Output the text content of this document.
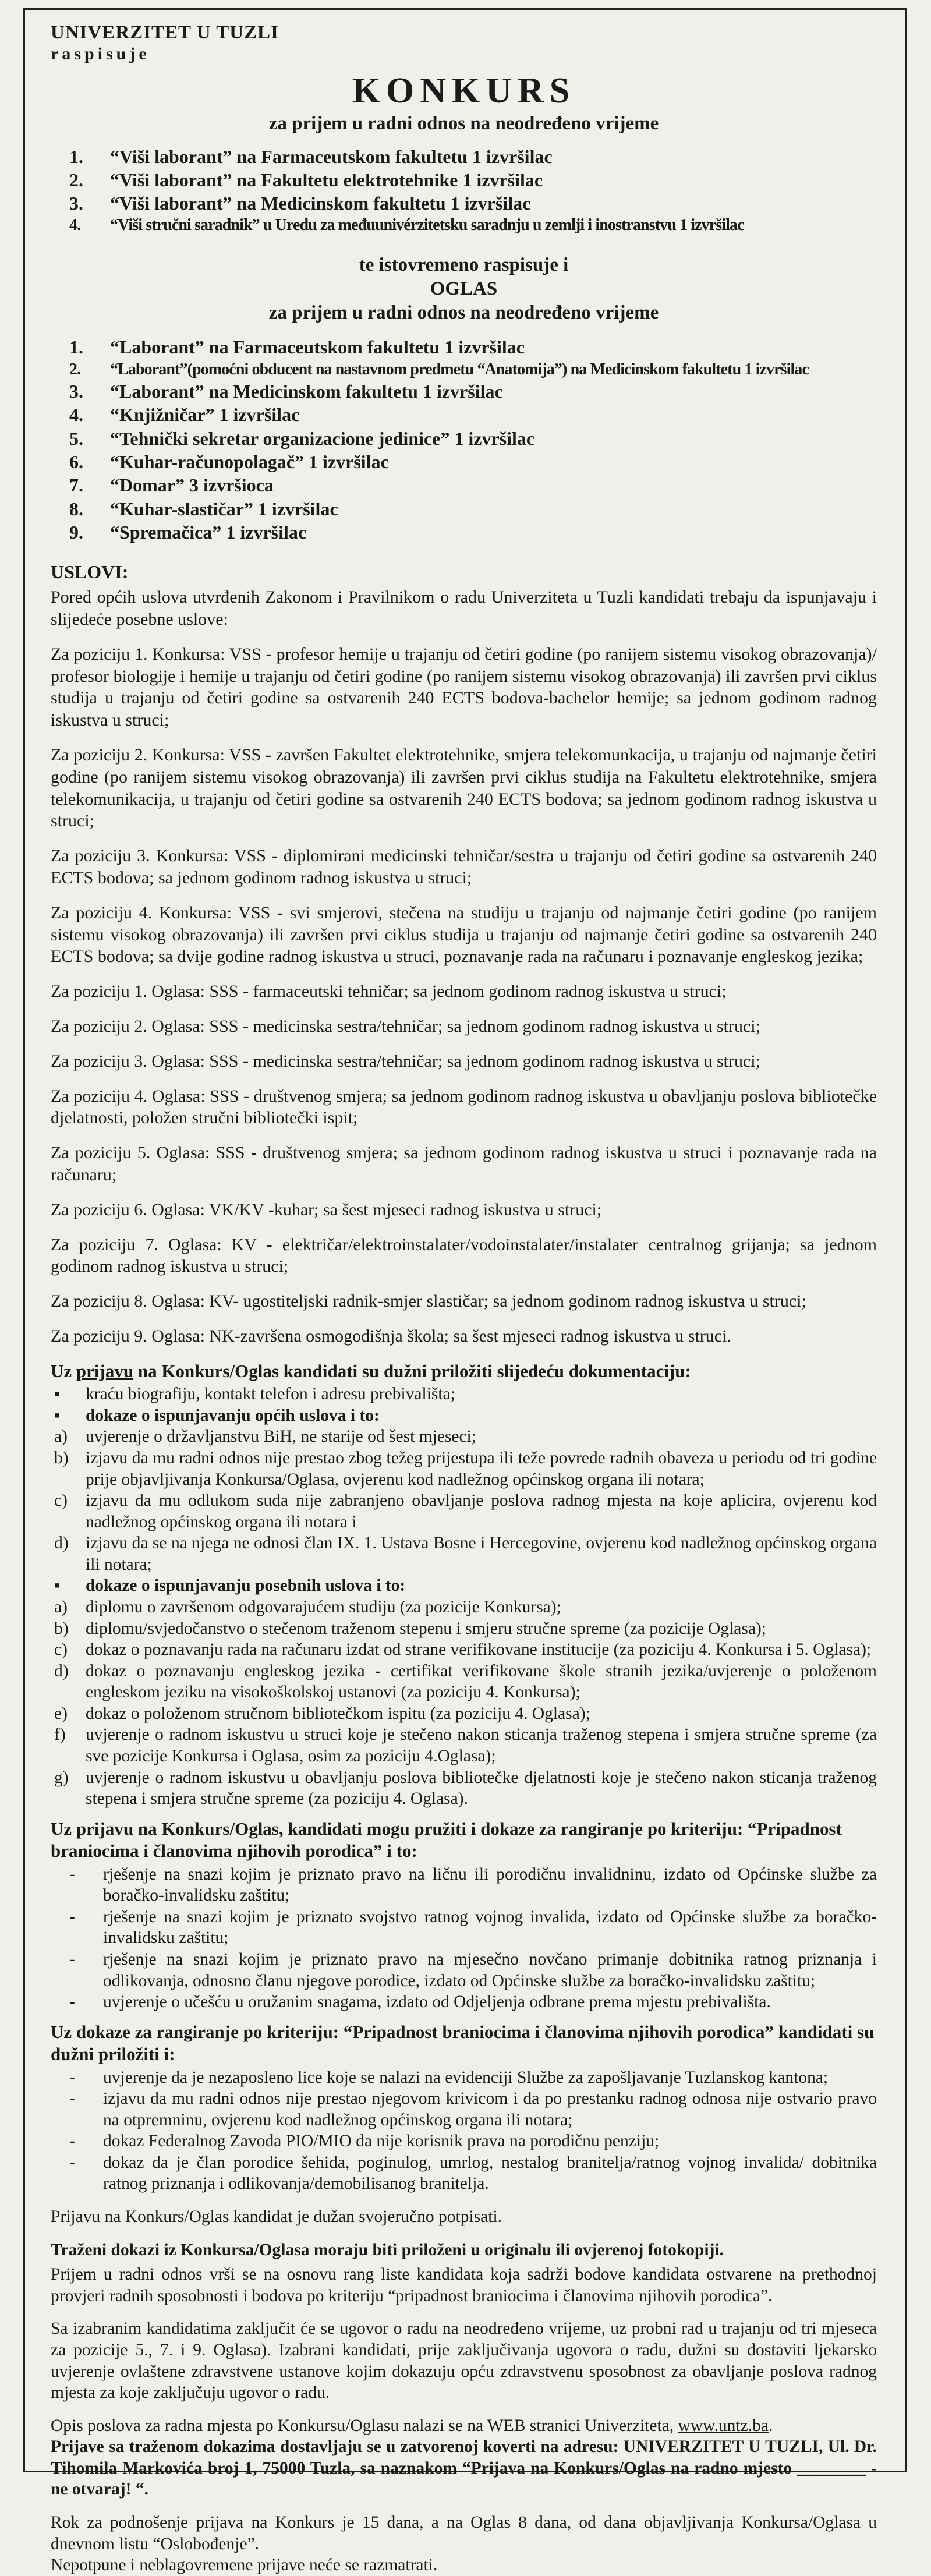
UNIVERZITET U TUZLI
raspisuje
KONKURS
za prijem u radni odnos na neodređeno vrijeme
1.	“Viši laborant” na Farmaceutskom fakultetu 1 izvršilac
2.	“Viši laborant” na Fakultetu elektrotehnike 1 izvršilac
3.	“Viši laborant” na Medicinskom fakultetu 1 izvršilac
4.	“Viši stručni saradnik” u Uredu za međuunivérzitetsku saradnju u zemlji i inostranstvu 1 izvršilac
te istovremeno raspisuje i
OGLAS
za prijem u radni odnos na neodređeno vrijeme
1.	“Laborant” na Farmaceutskom fakultetu 1 izvršilac
2.	“Laborant”(pomoćni obducent na nastavnom predmetu “Anatomija”) na Medicinskom fakultetu 1 izvršilac
3.	“Laborant” na Medicinskom fakultetu 1 izvršilac
4.	“Knjižničar” 1 izvršilac
5.	“Tehnički sekretar organizacione jedinice” 1 izvršilac
6.	“Kuhar-računopolagač” 1 izvršilac
7.	“Domar” 3 izvršioca
8.	“Kuhar-slastičar” 1 izvršilac
9.	“Spremačica” 1 izvršilac
USLOVI:

Pored općih uslova utvrđenih Zakonom i Pravilnikom o radu Univerziteta u Tuzli kandidati trebaju da ispunjavaju i slijedeće posebne uslove:

Za poziciju 1. Konkursa: VSS - profesor hemije u trajanju od četiri godine (po ranijem sistemu visokog obrazovanja)/ profesor biologije i hemije u trajanju od četiri godine (po ranijem sistemu visokog obrazovanja) ili završen prvi ciklus studija u trajanju od četiri godine sa ostvarenih 240 ECTS bodova-bachelor hemije; sa jednom godinom radnog iskustva u struci;

Za poziciju 2. Konkursa: VSS - završen Fakultet elektrotehnike, smjera telekomunkacija, u trajanju od najmanje četiri godine (po ranijem sistemu visokog obrazovanja) ili završen prvi ciklus studija na Fakultetu elektrotehnike, smjera telekomunikacija, u trajanju od četiri godine sa ostvarenih 240 ECTS bodova; sa jednom godinom radnog iskustva u struci;

Za poziciju 3. Konkursa: VSS - diplomirani medicinski tehničar/sestra u trajanju od četiri godine sa ostvarenih 240 ECTS bodova; sa jednom godinom radnog iskustva u struci;

Za poziciju 4. Konkursa: VSS - svi smjerovi, stečena na studiju u trajanju od najmanje četiri godine (po ranijem sistemu visokog obrazovanja) ili završen prvi ciklus studija u trajanju od najmanje četiri godine sa ostvarenih 240 ECTS bodova; sa dvije godine radnog iskustva u struci, poznavanje rada na računaru i poznavanje engleskog jezika;

Za poziciju 1. Oglasa: SSS - farmaceutski tehničar; sa jednom godinom radnog iskustva u struci;

Za poziciju 2. Oglasa: SSS - medicinska sestra/tehničar; sa jednom godinom radnog iskustva u struci;

Za poziciju 3. Oglasa: SSS - medicinska sestra/tehničar; sa jednom godinom radnog iskustva u struci;

Za poziciju 4. Oglasa: SSS - društvenog smjera; sa jednom godinom radnog iskustva u obavljanju poslova bibliotečke djelatnosti, položen stručni bibliotečki ispit;

Za poziciju 5. Oglasa: SSS - društvenog smjera; sa jednom godinom radnog iskustva u struci i poznavanje rada na računaru;

Za poziciju 6. Oglasa: VK/KV -kuhar; sa šest mjeseci radnog iskustva u struci;

Za poziciju 7. Oglasa: KV - električar/elektroinstalater/vodoinstalater/instalater centralnog grijanja; sa jednom godinom radnog iskustva u struci;

Za poziciju 8. Oglasa: KV- ugostiteljski radnik-smjer slastičar; sa jednom godinom radnog iskustva u struci;

Za poziciju 9. Oglasa: NK-završena osmogodišnja škola; sa šest mjeseci radnog iskustva u struci.

Uz prijavu na Konkurs/Oglas kandidati su dužni priložiti slijedeću dokumentaciju:
▪	kraću biografiju, kontakt telefon i adresu prebivališta;
▪	dokaze o ispunjavanju općih uslova i to:
a)	uvjerenje o državljanstvu BiH, ne starije od šest mjeseci;
b) izjavu da mu radni odnos nije prestao zbog težeg prijestupa ili teže povrede radnih obaveza u periodu od tri godine prije objavljivanja Konkursa/Oglasa, ovjerenu kod nadležnog općinskog organa ili notara;
c)	izjavu da mu odlukom suda nije zabranjeno obavljanje poslova radnog mjesta na koje aplicira, ovjerenu kod nadležnog općinskog organa ili notara i
d) izjavu da se na njega ne odnosi član IX. 1. Ustava Bosne i Hercegovine, ovjerenu kod nadležnog općinskog organa ili notara;
▪	dokaze o ispunjavanju posebnih uslova i to:
a)	diplomu o završenom odgovarajućem studiju (za pozicije Konkursa);
b) diplomu/svjedočanstvo o stečenom traženom stepenu i smjeru stručne spreme (za pozicije Oglasa);
c)	dokaz o poznavanju rada na računaru izdat od strane verifikovane institucije (za poziciju 4. Konkursa i 5. Oglasa);
d) dokaz o poznavanju engleskog jezika - certifikat verifikovane škole stranih jezika/uvjerenje o položenom engleskom jeziku na visokoškolskoj ustanovi (za poziciju 4. Konkursa);
e)	dokaz o položenom stručnom bibliotečkom ispitu (za poziciju 4. Oglasa);
f)	uvjerenje o radnom iskustvu u struci koje je stečeno nakon sticanja traženog stepena i smjera stručne spreme (za sve pozicije Konkursa i Oglasa, osim za poziciju 4.Oglasa);
g) uvjerenje o radnom iskustvu u obavljanju poslova bibliotečke djelatnosti koje je stečeno nakon sticanja traženog stepena i smjera stručne spreme (za poziciju 4. Oglasa).
Uz prijavu na Konkurs/Oglas, kandidati mogu pružiti i dokaze za rangiranje po kriteriju: “Pripadnost braniocima i članovima njihovih porodica” i to:
-	rješenje na snazi kojim je priznato pravo na ličnu ili porodičnu invalidninu, izdato od Općinske službe za boračko-invalidsku zaštitu;
-	rješenje na snazi kojim je priznato svojstvo ratnog vojnog invalida, izdato od Općinske službe za boračko-invalidsku zaštitu;
-	rješenje na snazi kojim je priznato pravo na mjesečno novčano primanje dobitnika ratnog priznanja i odlikovanja, odnosno članu njegove porodice, izdato od Općinske službe za boračko-invalidsku zaštitu;
-	uvjerenje o učešću u oružanim snagama, izdato od Odjeljenja odbrane prema mjestu prebivališta.
Uz dokaze za rangiranje po kriteriju: “Pripadnost braniocima i članovima njihovih porodica” kandidati su dužni priložiti i:
-	uvjerenje da je nezaposleno lice koje se nalazi na evidenciji Službe za zapošljavanje Tuzlanskog kantona;
-	izjavu da mu radni odnos nije prestao njegovom krivicom i da po prestanku radnog odnosa nije ostvario pravo na otpremninu, ovjerenu kod nadležnog općinskog organa ili notara;
-	dokaz Federalnog Zavoda PIO/MIO da nije korisnik prava na porodičnu penziju;
-	dokaz da je član porodice šehida, poginulog, umrlog, nestalog branitelja/ratnog vojnog invalida/ dobitnika ratnog priznanja i odlikovanja/demobilisanog branitelja.

Prijavu na Konkurs/Oglas kandidat je dužan svojeručno potpisati.

Traženi dokazi iz Konkursa/Oglasa moraju biti priloženi u originalu ili ovjerenoj fotokopiji.

Prijem u radni odnos vrši se na osnovu rang liste kandidata koja sadrži bodove kandidata ostvarene na prethodnoj provjeri radnih sposobnosti i bodova po kriteriju “pripadnost braniocima i članovima njihovih porodica”.

Sa izabranim kandidatima zaključit će se ugovor o radu na neodređeno vrijeme, uz probni rad u trajanju od tri mjeseca za pozicije 5., 7. i 9. Oglasa). Izabrani kandidati, prije zaključivanja ugovora o radu, dužni su dostaviti ljekarsko uvjerenje ovlaštene zdravstvene ustanove kojim dokazuju opću zdravstvenu sposobnost za obavljanje poslova radnog mjesta za koje zaključuju ugovor o radu.

Opis poslova za radna mjesta po Konkursu/Oglasu nalazi se na WEB stranici Univerziteta, www.untz.ba.

Prijave sa traženom dokazima dostavljaju se u zatvorenoj koverti na adresu: UNIVERZITET U TUZLI, Ul. Dr. Tihomila Markovića broj 1, 75000 Tuzla, sa naznakom “Prijava na Konkurs/Oglas na radno mjesto ________ - ne otvaraj! “.

Rok za podnošenje prijava na Konkurs je 15 dana, a na Oglas 8 dana, od dana objavljivanja Konkursa/Oglasa u dnevnom listu “Oslobođenje”.

Nepotpune i neblagovremene prijave neće se razmatrati.
